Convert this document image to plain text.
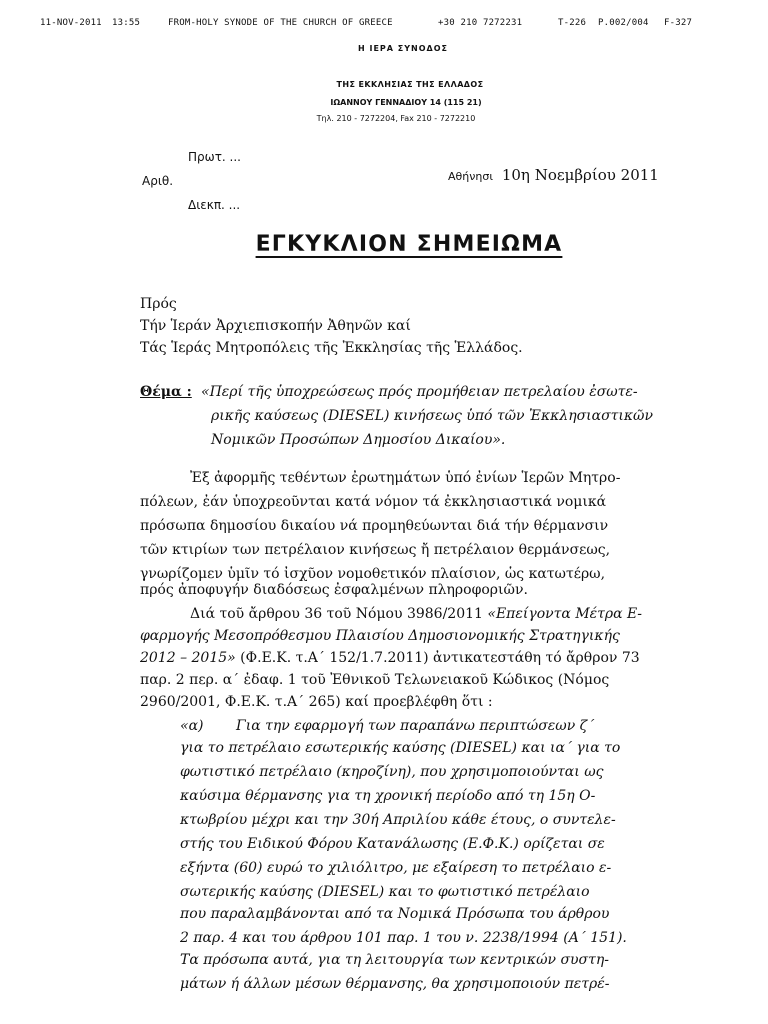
11-NOV-2011 13:55	FROM-HOLY SYNODE OF THE CHURCH OF GREECE	+30 210 7272231	T-226 P.002/004 F-327
Η ΙΕΡΑ ΣΥΝΟΔΟΣ
ΤΗΣ ΕΚΚΛΗΣΙΑΣ ΤΗΣ ΕΛΛΑΔΟΣ
ΙΩΑΝΝΟΥ ΓΕΝΝΑΔΙΟΥ 14 (115 21)
Τηλ. 210 - 7272204, Fax 210 - 7272210
Πρωτ. ...
Αριθ.
Διεκπ. ...
Αθήνησι 10η Νοεμβρίου 2011
ΕΓΚΥΚΛΙΟΝ ΣΗΜΕΙΩΜΑ
Πρός
Τήν Ἱεράν Ἀρχιεπισκοπήν Ἀθηνῶν καί
Τάς Ἱεράς Μητροπόλεις τῆς Ἐκκλησίας τῆς Ἑλλάδος.
Θέμα : «Περί τῆς ὑποχρεώσεως πρός προμήθειαν πετρελαίου ἐσωτε-
ρικῆς καύσεως (DIESEL) κινήσεως ὑπό τῶν Ἐκκλησιαστικῶν
Νομικῶν Προσώπων Δημοσίου Δικαίου».
Ἐξ ἀφορμῆς τεθέντων ἐρωτημάτων ὑπό ἐνίων Ἱερῶν Μητρο-
πόλεων, ἐάν ὑποχρεοῦνται κατά νόμον τά ἐκκλησιαστικά νομικά
πρόσωπα δημοσίου δικαίου νά προμηθεύωνται διά τήν θέρμανσιν
τῶν κτιρίων των πετρέλαιον κινήσεως ἤ πετρέλαιον θερμάνσεως,
γνωρίζομεν ὑμῖν τό ἰσχῦον νομοθετικόν πλαίσιον, ὡς κατωτέρω,
πρός ἀποφυγήν διαδόσεως ἐσφαλμένων πληροφοριῶν.
Διά τοῦ ἄρθρου 36 τοῦ Νόμου 3986/2011 «Επείγοντα Μέτρα Ε-
φαρμογής Μεσοπρόθεσμου Πλαισίου Δημοσιονομικής Στρατηγικής
2012 – 2015» (Φ.Ε.Κ. τ.Α΄ 152/1.7.2011) ἀντικατεστάθη τό ἄρθρον 73
παρ. 2 περ. α΄ ἐδαφ. 1 τοῦ Ἐθνικοῦ Τελωνειακοῦ Κώδικος (Νόμος
2960/2001, Φ.Ε.Κ. τ.Α΄ 265) καί προεβλέφθη ὅτι :
«α) Για την εφαρμογή των παραπάνω περιπτώσεων ζ΄
για το πετρέλαιο εσωτερικής καύσης (DIESEL) και ια΄ για το
φωτιστικό πετρέλαιο (κηροζίνη), που χρησιμοποιούνται ως
καύσιμα θέρμανσης για τη χρονική περίοδο από τη 15η Ο-
κτωβρίου μέχρι και την 30ή Απριλίου κάθε έτους, ο συντελε-
στής του Ειδικού Φόρου Κατανάλωσης (Ε.Φ.Κ.) ορίζεται σε
εξήντα (60) ευρώ το χιλιόλιτρο, με εξαίρεση το πετρέλαιο ε-
σωτερικής καύσης (DIESEL) και το φωτιστικό πετρέλαιο
που παραλαμβάνονται από τα Νομικά Πρόσωπα του άρθρου
2 παρ. 4 και του άρθρου 101 παρ. 1 του ν. 2238/1994 (Α΄ 151).
Τα πρόσωπα αυτά, για τη λειτουργία των κεντρικών συστη-
μάτων ή άλλων μέσων θέρμανσης, θα χρησιμοποιούν πετρέ-
